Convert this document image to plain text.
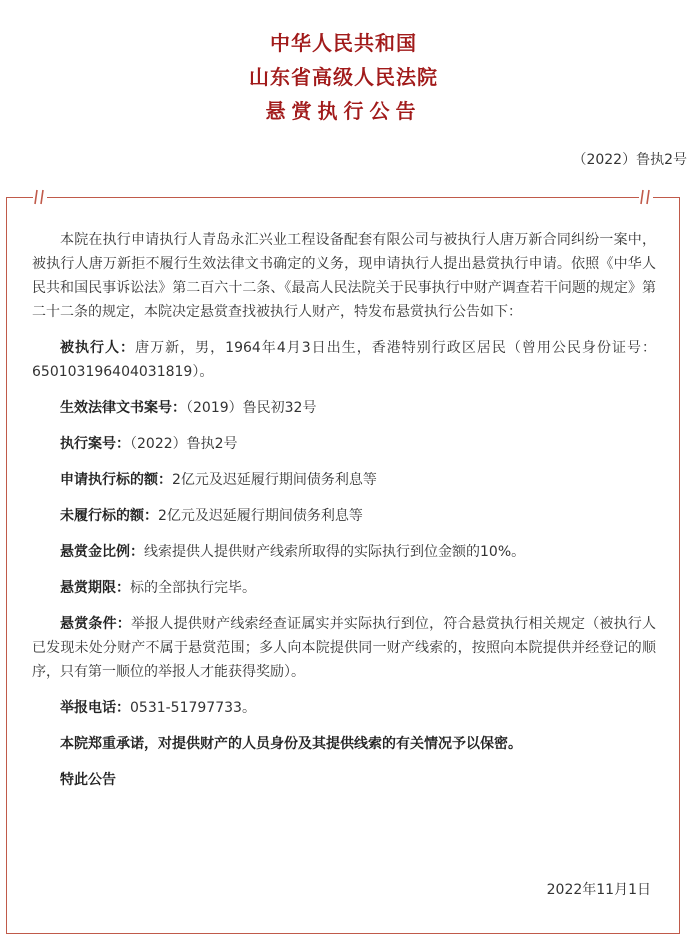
中华人民共和国
山东省高级人民法院
悬赏执行公告
（2022）鲁执2号

本院在执行申请执行人青岛永汇兴业工程设备配套有限公司与被执行人唐万新合同纠纷一案中，被执行人唐万新拒不履行生效法律文书确定的义务，现申请执行人提出悬赏执行申请。依照《中华人民共和国民事诉讼法》第二百六十二条、《最高人民法院关于民事执行中财产调查若干问题的规定》第二十二条的规定，本院决定悬赏查找被执行人财产，特发布悬赏执行公告如下：

被执行人：唐万新，男，1964年4月3日出生，香港特别行政区居民（曾用公民身份证号：650103196404031819）。

生效法律文书案号：（2019）鲁民初32号

执行案号：（2022）鲁执2号

申请执行标的额：2亿元及迟延履行期间债务利息等

未履行标的额：2亿元及迟延履行期间债务利息等

悬赏金比例：线索提供人提供财产线索所取得的实际执行到位金额的10%。

悬赏期限：标的全部执行完毕。

悬赏条件：举报人提供财产线索经查证属实并实际执行到位，符合悬赏执行相关规定（被执行人已发现未处分财产不属于悬赏范围；多人向本院提供同一财产线索的，按照向本院提供并经登记的顺序，只有第一顺位的举报人才能获得奖励）。

举报电话：0531-51797733。

本院郑重承诺，对提供财产的人员身份及其提供线索的有关情况予以保密。

特此公告

2022年11月1日
